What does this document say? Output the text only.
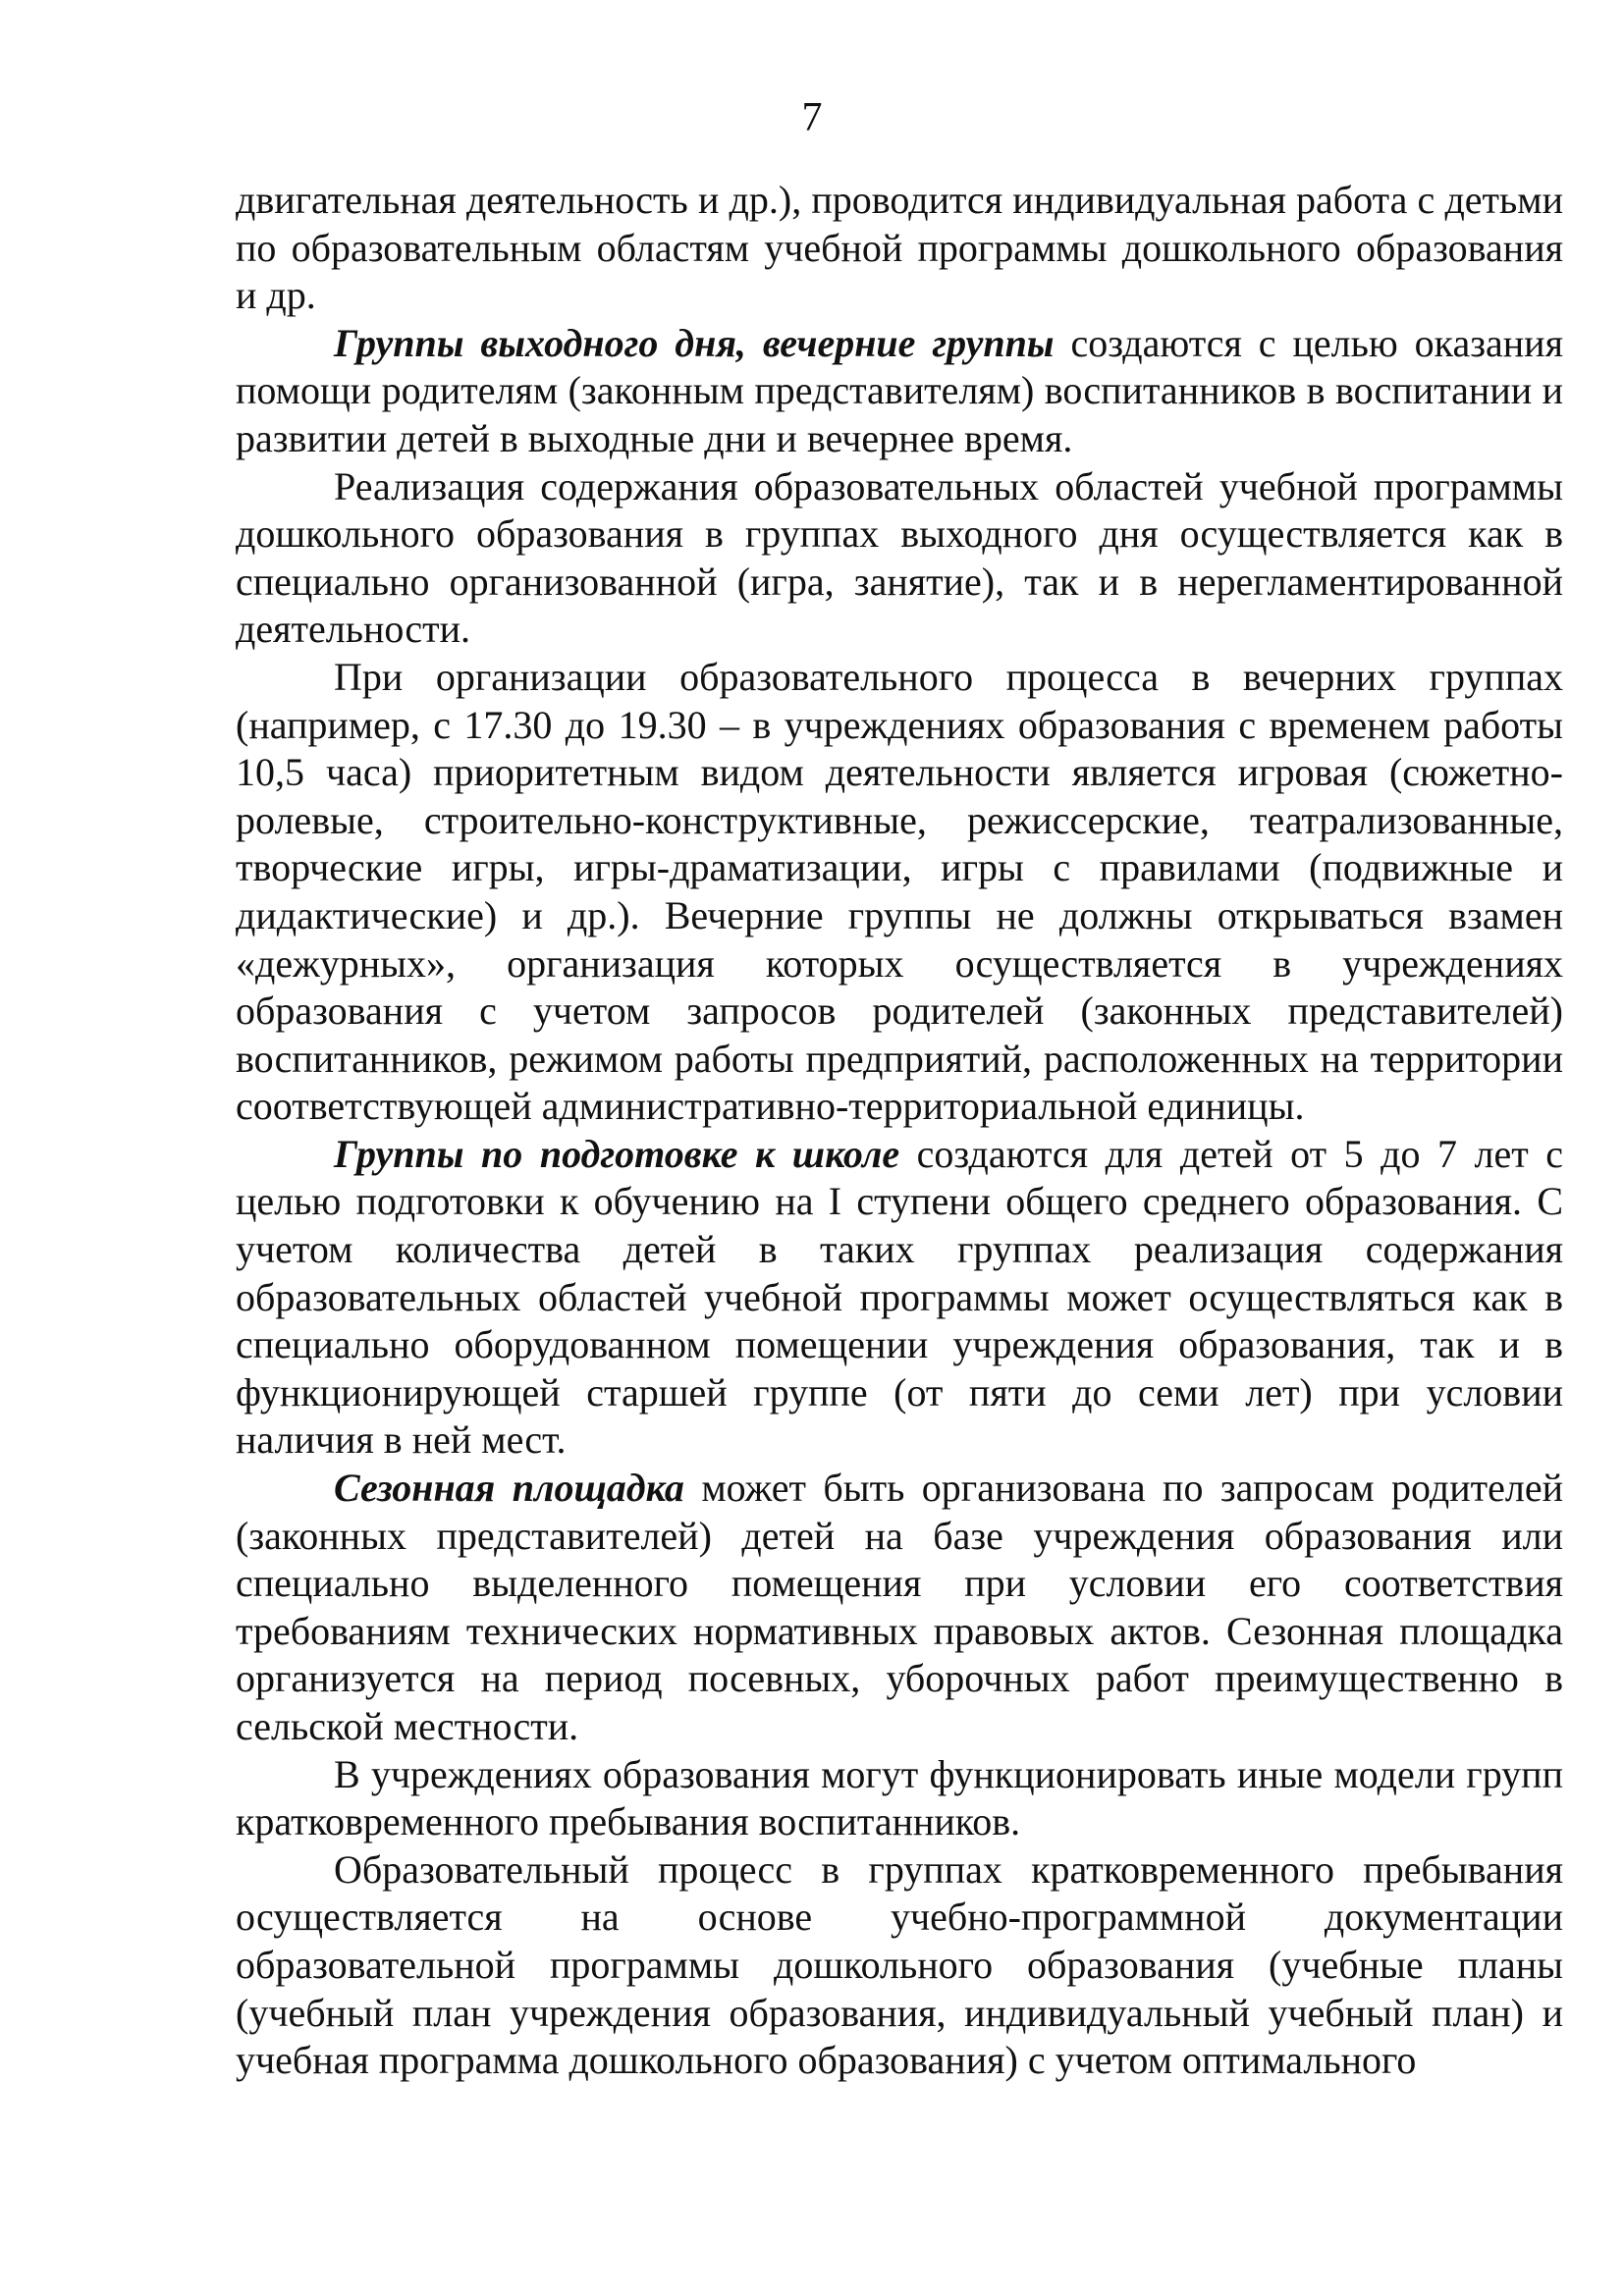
7

двигательная деятельность и др.), проводится индивидуальная работа с детьми по образовательным областям учебной программы дошкольного образования и др.

Группы выходного дня, вечерние группы создаются с целью оказания помощи родителям (законным представителям) воспитанников в воспитании и развитии детей в выходные дни и вечернее время.

Реализация содержания образовательных областей учебной программы дошкольного образования в группах выходного дня осуществляется как в специально организованной (игра, занятие), так и в нерегламентированной деятельности.

При организации образовательного процесса в вечерних группах (например, с 17.30 до 19.30 – в учреждениях образования с временем работы 10,5 часа) приоритетным видом деятельности является игровая (сюжетно-ролевые, строительно-конструктивные, режиссерские, театрализованные, творческие игры, игры-драматизации, игры с правилами (подвижные и дидактические) и др.). Вечерние группы не должны открываться взамен «дежурных», организация которых осуществляется в учреждениях образования с учетом запросов родителей (законных представителей) воспитанников, режимом работы предприятий, расположенных на территории соответствующей административно-территориальной единицы.

Группы по подготовке к школе создаются для детей от 5 до 7 лет с целью подготовки к обучению на I ступени общего среднего образования. С учетом количества детей в таких группах реализация содержания образовательных областей учебной программы может осуществляться как в специально оборудованном помещении учреждения образования, так и в функционирующей старшей группе (от пяти до семи лет) при условии наличия в ней мест.

Сезонная площадка может быть организована по запросам родителей (законных представителей) детей на базе учреждения образования или специально выделенного помещения при условии его соответствия требованиям технических нормативных правовых актов. Сезонная площадка организуется на период посевных, уборочных работ преимущественно в сельской местности.

В учреждениях образования могут функционировать иные модели групп кратковременного пребывания воспитанников.

Образовательный процесс в группах кратковременного пребывания осуществляется на основе учебно-программной документации образовательной программы дошкольного образования (учебные планы (учебный план учреждения образования, индивидуальный учебный план) и учебная программа дошкольного образования) с учетом оптимального
